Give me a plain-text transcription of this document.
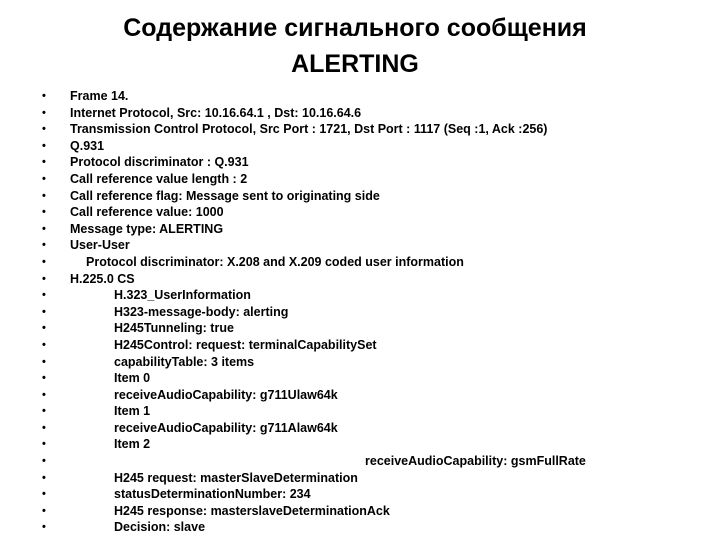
Содержание сигнального сообщения
ALERTING
• Frame 14.
• Internet Protocol, Src: 10.16.64.1 , Dst: 10.16.64.6
• Transmission Control Protocol, Src Port : 1721, Dst Port : 1117 (Seq :1, Ack :256)
• Q.931
• Protocol discriminator : Q.931
• Call reference value length : 2
• Call reference flag: Message sent to originating side
• Call reference value: 1000
• Message type: ALERTING
• User-User
•	Protocol discriminator: X.208 and X.209 coded user information
• H.225.0 CS
•	H.323_UserInformation
•	H323-message-body: alerting
•	H245Tunneling: true
•	H245Control: request: terminalCapabilitySet
•	capabilityTable: 3 items
•	Item 0
•	receiveAudioCapability: g711Ulaw64k
•	Item 1
•	receiveAudioCapability: g711Alaw64k
•	Item 2
•	receiveAudioCapability: gsmFullRate
•	H245 request: masterSlaveDetermination
•	statusDeterminationNumber: 234
•	H245 response: masterslaveDeterminationAck
•	Decision: slave
